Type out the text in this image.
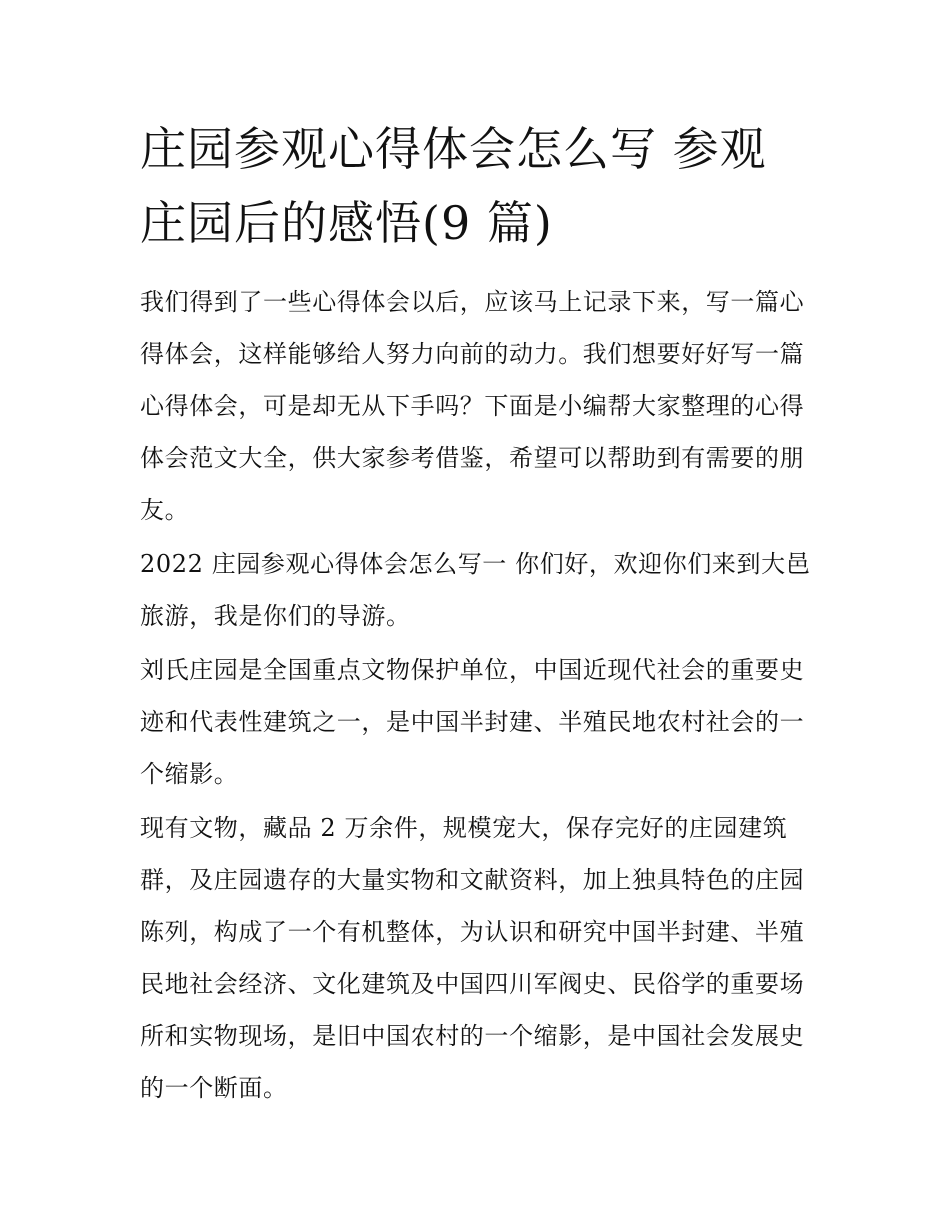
庄园参观心得体会怎么写 参观庄园后的感悟(9 篇)

我们得到了一些心得体会以后，应该马上记录下来，写一篇心得体会，这样能够给人努力向前的动力。我们想要好好写一篇心得体会，可是却无从下手吗？下面是小编帮大家整理的心得体会范文大全，供大家参考借鉴，希望可以帮助到有需要的朋友。

2022 庄园参观心得体会怎么写一 你们好，欢迎你们来到大邑旅游，我是你们的导游。

刘氏庄园是全国重点文物保护单位，中国近现代社会的重要史迹和代表性建筑之一，是中国半封建、半殖民地农村社会的一个缩影。

现有文物，藏品 2 万余件，规模宠大，保存完好的庄园建筑群，及庄园遗存的大量实物和文献资料，加上独具特色的庄园陈列，构成了一个有机整体，为认识和研究中国半封建、半殖民地社会经济、文化建筑及中国四川军阀史、民俗学的重要场所和实物现场，是旧中国农村的一个缩影，是中国社会发展史的一个断面。
